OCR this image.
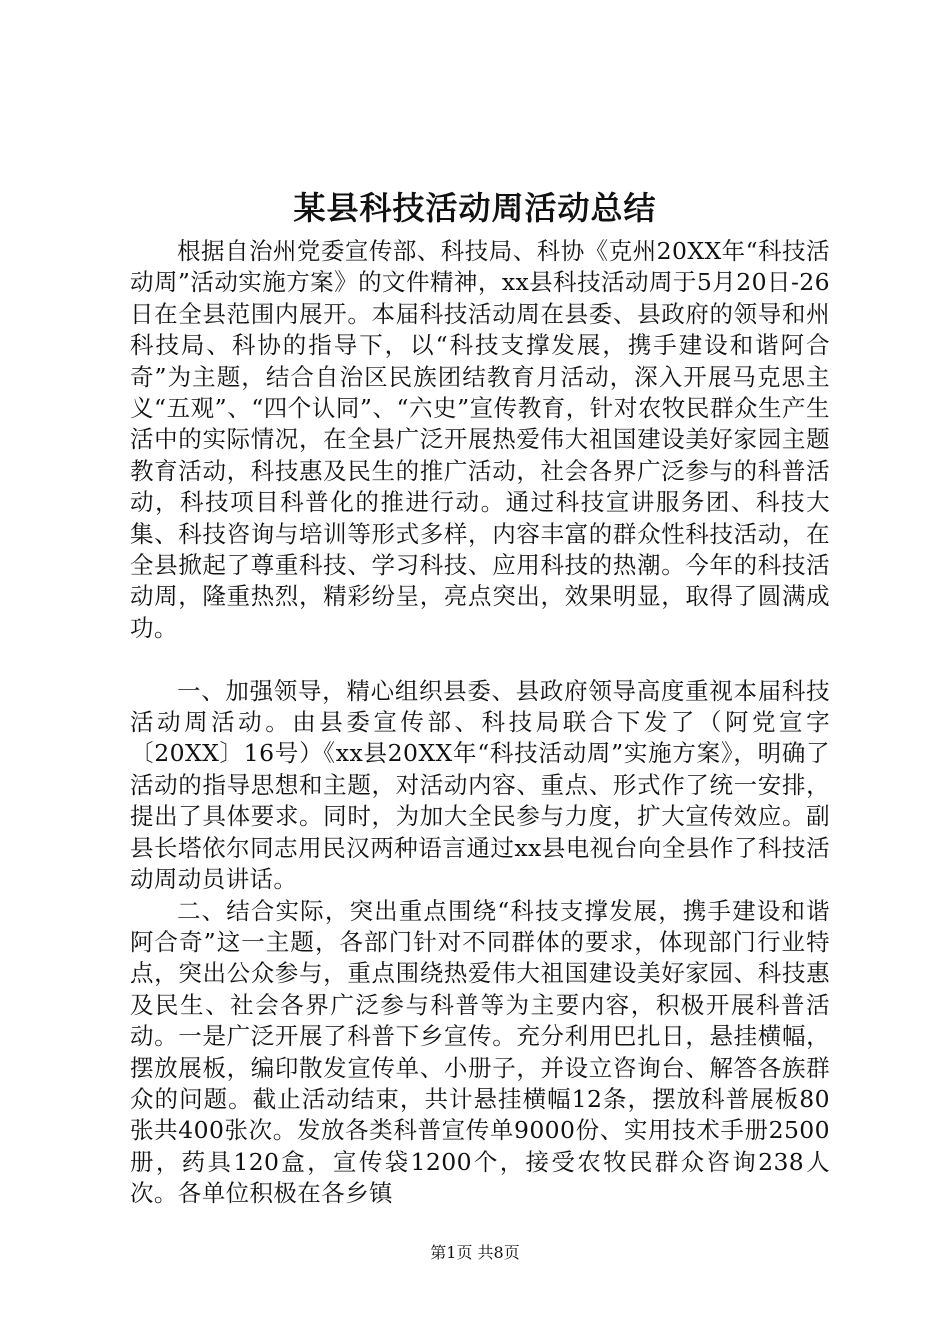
某县科技活动周活动总结

根据自治州党委宣传部、科技局、科协《克州20XX年“科技活动周”活动实施方案》的文件精神，xx县科技活动周于5月20日-26日在全县范围内展开。本届科技活动周在县委、县政府的领导和州科技局、科协的指导下，以“科技支撑发展，携手建设和谐阿合奇”为主题，结合自治区民族团结教育月活动，深入开展马克思主义“五观”、“四个认同”、“六史”宣传教育，针对农牧民群众生产生活中的实际情况，在全县广泛开展热爱伟大祖国建设美好家园主题教育活动，科技惠及民生的推广活动，社会各界广泛参与的科普活动，科技项目科普化的推进行动。通过科技宣讲服务团、科技大集、科技咨询与培训等形式多样，内容丰富的群众性科技活动，在全县掀起了尊重科技、学习科技、应用科技的热潮。今年的科技活动周，隆重热烈，精彩纷呈，亮点突出，效果明显，取得了圆满成功。

一、加强领导，精心组织县委、县政府领导高度重视本届科技活动周活动。由县委宣传部、科技局联合下发了（阿党宣字〔20XX〕16号）《xx县20XX年“科技活动周”实施方案》，明确了活动的指导思想和主题，对活动内容、重点、形式作了统一安排，提出了具体要求。同时，为加大全民参与力度，扩大宣传效应。副县长塔依尔同志用民汉两种语言通过xx县电视台向全县作了科技活动周动员讲话。

二、结合实际，突出重点围绕“科技支撑发展，携手建设和谐阿合奇”这一主题，各部门针对不同群体的要求，体现部门行业特点，突出公众参与，重点围绕热爱伟大祖国建设美好家园、科技惠及民生、社会各界广泛参与科普等为主要内容，积极开展科普活动。一是广泛开展了科普下乡宣传。充分利用巴扎日，悬挂横幅，摆放展板，编印散发宣传单、小册子，并设立咨询台、解答各族群众的问题。截止活动结束，共计悬挂横幅12条，摆放科普展板80张共400张次。发放各类科普宣传单9000份、实用技术手册2500册，药具120盒，宣传袋1200个，接受农牧民群众咨询238人次。各单位积极在各乡镇

第1页 共8页
